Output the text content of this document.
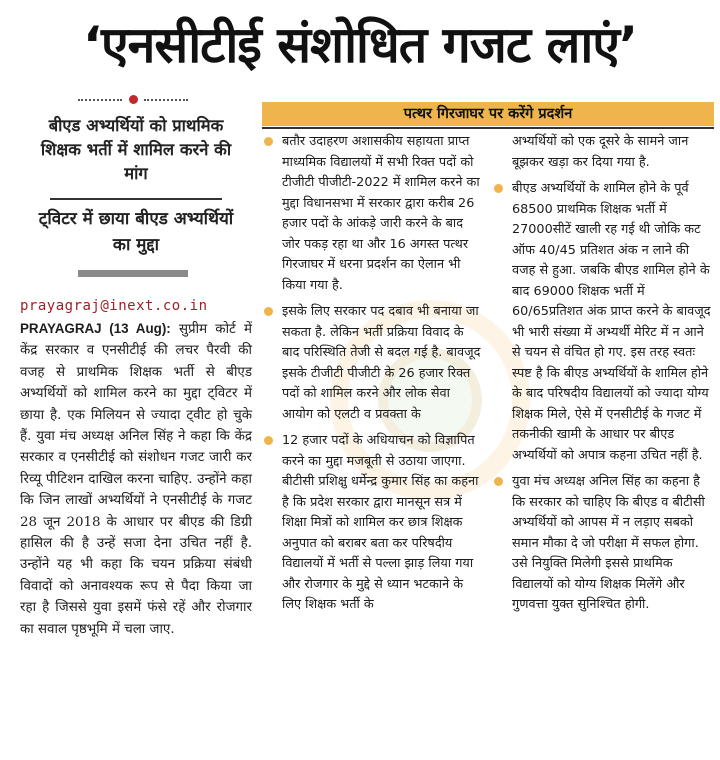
‘एनसीटीई संशोधित गजट लाएं’
बीएड अभ्यर्थियों को प्राथमिक शिक्षक भर्ती में शामिल करने की मांग
ट्विटर में छाया बीएड अभ्यर्थियों का मुद्दा
prayagraj@inext.co.in

PRAYAGRAJ (13 Aug): सुप्रीम कोर्ट में केंद्र सरकार व एनसीटीई की लचर पैरवी की वजह से प्राथमिक शिक्षक भर्ती से बीएड अभ्यर्थियों को शामिल करने का मुद्दा ट्विटर में छाया है. एक मिलियन से ज्यादा ट्वीट हो चुके हैं. युवा मंच अध्यक्ष अनिल सिंह ने कहा कि केंद्र सरकार व एनसीटीई को संशोधन गजट जारी कर रिव्यू पीटिशन दाखिल करना चाहिए. उन्होंने कहा कि जिन लाखों अभ्यर्थियों ने एनसीटीई के गजट 28 जून 2018 के आधार पर बीएड की डिग्री हासिल की है उन्हें सजा देना उचित नहीं है. उन्होंने यह भी कहा कि चयन प्रक्रिया संबंधी विवादों को अनावश्यक रूप से पैदा किया जा रहा है जिससे युवा इसमें फंसे रहें और रोजगार का सवाल पृष्ठभूमि में चला जाए.

पत्थर गिरजाघर पर करेंगे प्रदर्शन
बतौर उदाहरण अशासकीय सहायता प्राप्त माध्यमिक विद्यालयों में सभी रिक्त पदों को टीजीटी पीजीटी-2022 में शामिल करने का मुद्दा विधानसभा में सरकार द्वारा करीब 26 हजार पदों के आंकड़े जारी करने के बाद जोर पकड़ रहा था और 16 अगस्त पत्थर गिरजाघर में धरना प्रदर्शन का ऐलान भी किया गया है.
इसके लिए सरकार पद दबाव भी बनाया जा सकता है. लेकिन भर्ती प्रक्रिया विवाद के बाद परिस्थिति तेजी से बदल गई है. बावजूद इसके टीजीटी पीजीटी के 26 हजार रिक्त पदों को शामिल करने और लोक सेवा आयोग को एलटी व प्रवक्ता के
12 हजार पदों के अधियाचन को विज्ञापित करने का मुद्दा मजबूती से उठाया जाएगा. बीटीसी प्रशिक्षु धर्मेन्द्र कुमार सिंह का कहना है कि प्रदेश सरकार द्वारा मानसून सत्र में शिक्षा मित्रों को शामिल कर छात्र शिक्षक अनुपात को बराबर बता कर परिषदीय विद्यालयों में भर्ती से पल्ला झाड़ लिया गया और रोजगार के मुद्दे से ध्यान भटकाने के लिए शिक्षक भर्ती के
अभ्यर्थियों को एक दूसरे के सामने जान बूझकर खड़ा कर दिया गया है.
बीएड अभ्यर्थियों के शामिल होने के पूर्व 68500 प्राथमिक शिक्षक भर्ती में 27000सीटें खाली रह गई थी जोकि कट ऑफ 40/45 प्रतिशत अंक न लाने की वजह से हुआ. जबकि बीएड शामिल होने के बाद 69000 शिक्षक भर्ती में 60/65प्रतिशत अंक प्राप्त करने के बावजूद भी भारी संख्या में अभ्यर्थी मेरिट में न आने से चयन से वंचित हो गए. इस तरह स्वतः स्पष्ट है कि बीएड अभ्यर्थियों के शामिल होने के बाद परिषदीय विद्यालयों को ज्यादा योग्य शिक्षक मिले, ऐसे में एनसीटीई के गजट में तकनीकी खामी के आधार पर बीएड अभ्यर्थियों को अपात्र कहना उचित नहीं है.
युवा मंच अध्यक्ष अनिल सिंह का कहना है कि सरकार को चाहिए कि बीएड व बीटीसी अभ्यर्थियों को आपस में न लड़ाए सबको समान मौका दे जो परीक्षा में सफल होगा. उसे नियुक्ति मिलेगी इससे प्राथमिक विद्यालयों को योग्य शिक्षक मिलेंगे और गुणवत्ता युक्त सुनिश्चित होगी.
